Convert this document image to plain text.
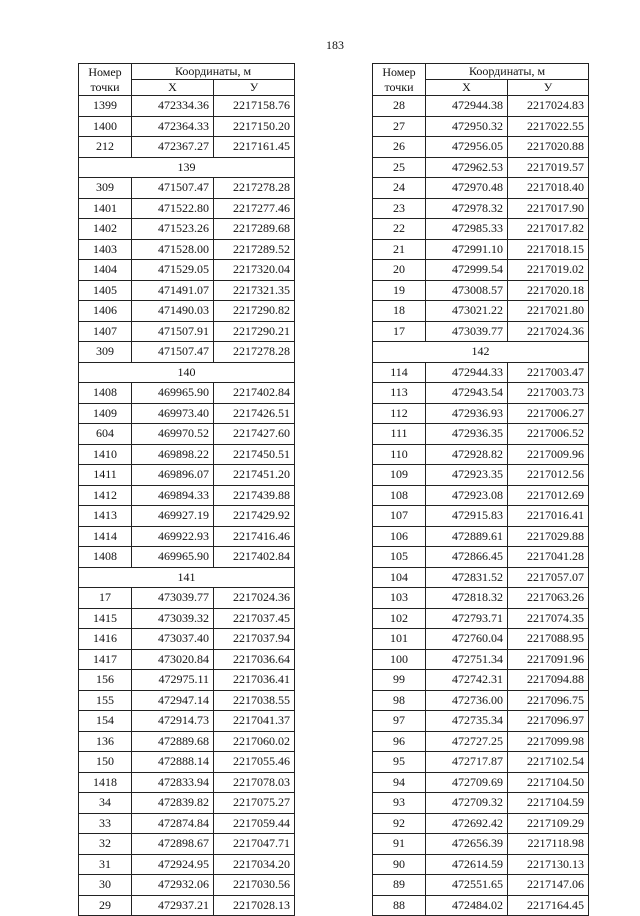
183
Номер
точки	Координаты, м	
	X	У
1399	472334.36	2217158.76
1400	472364.33	2217150.20
212	472367.27	2217161.45
139		
309	471507.47	2217278.28
1401	471522.80	2217277.46
1402	471523.26	2217289.68
1403	471528.00	2217289.52
1404	471529.05	2217320.04
1405	471491.07	2217321.35
1406	471490.03	2217290.82
1407	471507.91	2217290.21
309	471507.47	2217278.28
140		
1408	469965.90	2217402.84
1409	469973.40	2217426.51
604	469970.52	2217427.60
1410	469898.22	2217450.51
1411	469896.07	2217451.20
1412	469894.33	2217439.88
1413	469927.19	2217429.92
1414	469922.93	2217416.46
1408	469965.90	2217402.84
141		
17	473039.77	2217024.36
1415	473039.32	2217037.45
1416	473037.40	2217037.94
1417	473020.84	2217036.64
156	472975.11	2217036.41
155	472947.14	2217038.55
154	472914.73	2217041.37
136	472889.68	2217060.02
150	472888.14	2217055.46
1418	472833.94	2217078.03
34	472839.82	2217075.27
33	472874.84	2217059.44
32	472898.67	2217047.71
31	472924.95	2217034.20
30	472932.06	2217030.56
29	472937.21	2217028.13
Номер
точки	Координаты, м	
	X	У
28	472944.38	2217024.83
27	472950.32	2217022.55
26	472956.05	2217020.88
25	472962.53	2217019.57
24	472970.48	2217018.40
23	472978.32	2217017.90
22	472985.33	2217017.82
21	472991.10	2217018.15
20	472999.54	2217019.02
19	473008.57	2217020.18
18	473021.22	2217021.80
17	473039.77	2217024.36
142		
114	472944.33	2217003.47
113	472943.54	2217003.73
112	472936.93	2217006.27
111	472936.35	2217006.52
110	472928.82	2217009.96
109	472923.35	2217012.56
108	472923.08	2217012.69
107	472915.83	2217016.41
106	472889.61	2217029.88
105	472866.45	2217041.28
104	472831.52	2217057.07
103	472818.32	2217063.26
102	472793.71	2217074.35
101	472760.04	2217088.95
100	472751.34	2217091.96
99	472742.31	2217094.88
98	472736.00	2217096.75
97	472735.34	2217096.97
96	472727.25	2217099.98
95	472717.87	2217102.54
94	472709.69	2217104.50
93	472709.32	2217104.59
92	472692.42	2217109.29
91	472656.39	2217118.98
90	472614.59	2217130.13
89	472551.65	2217147.06
88	472484.02	2217164.45
